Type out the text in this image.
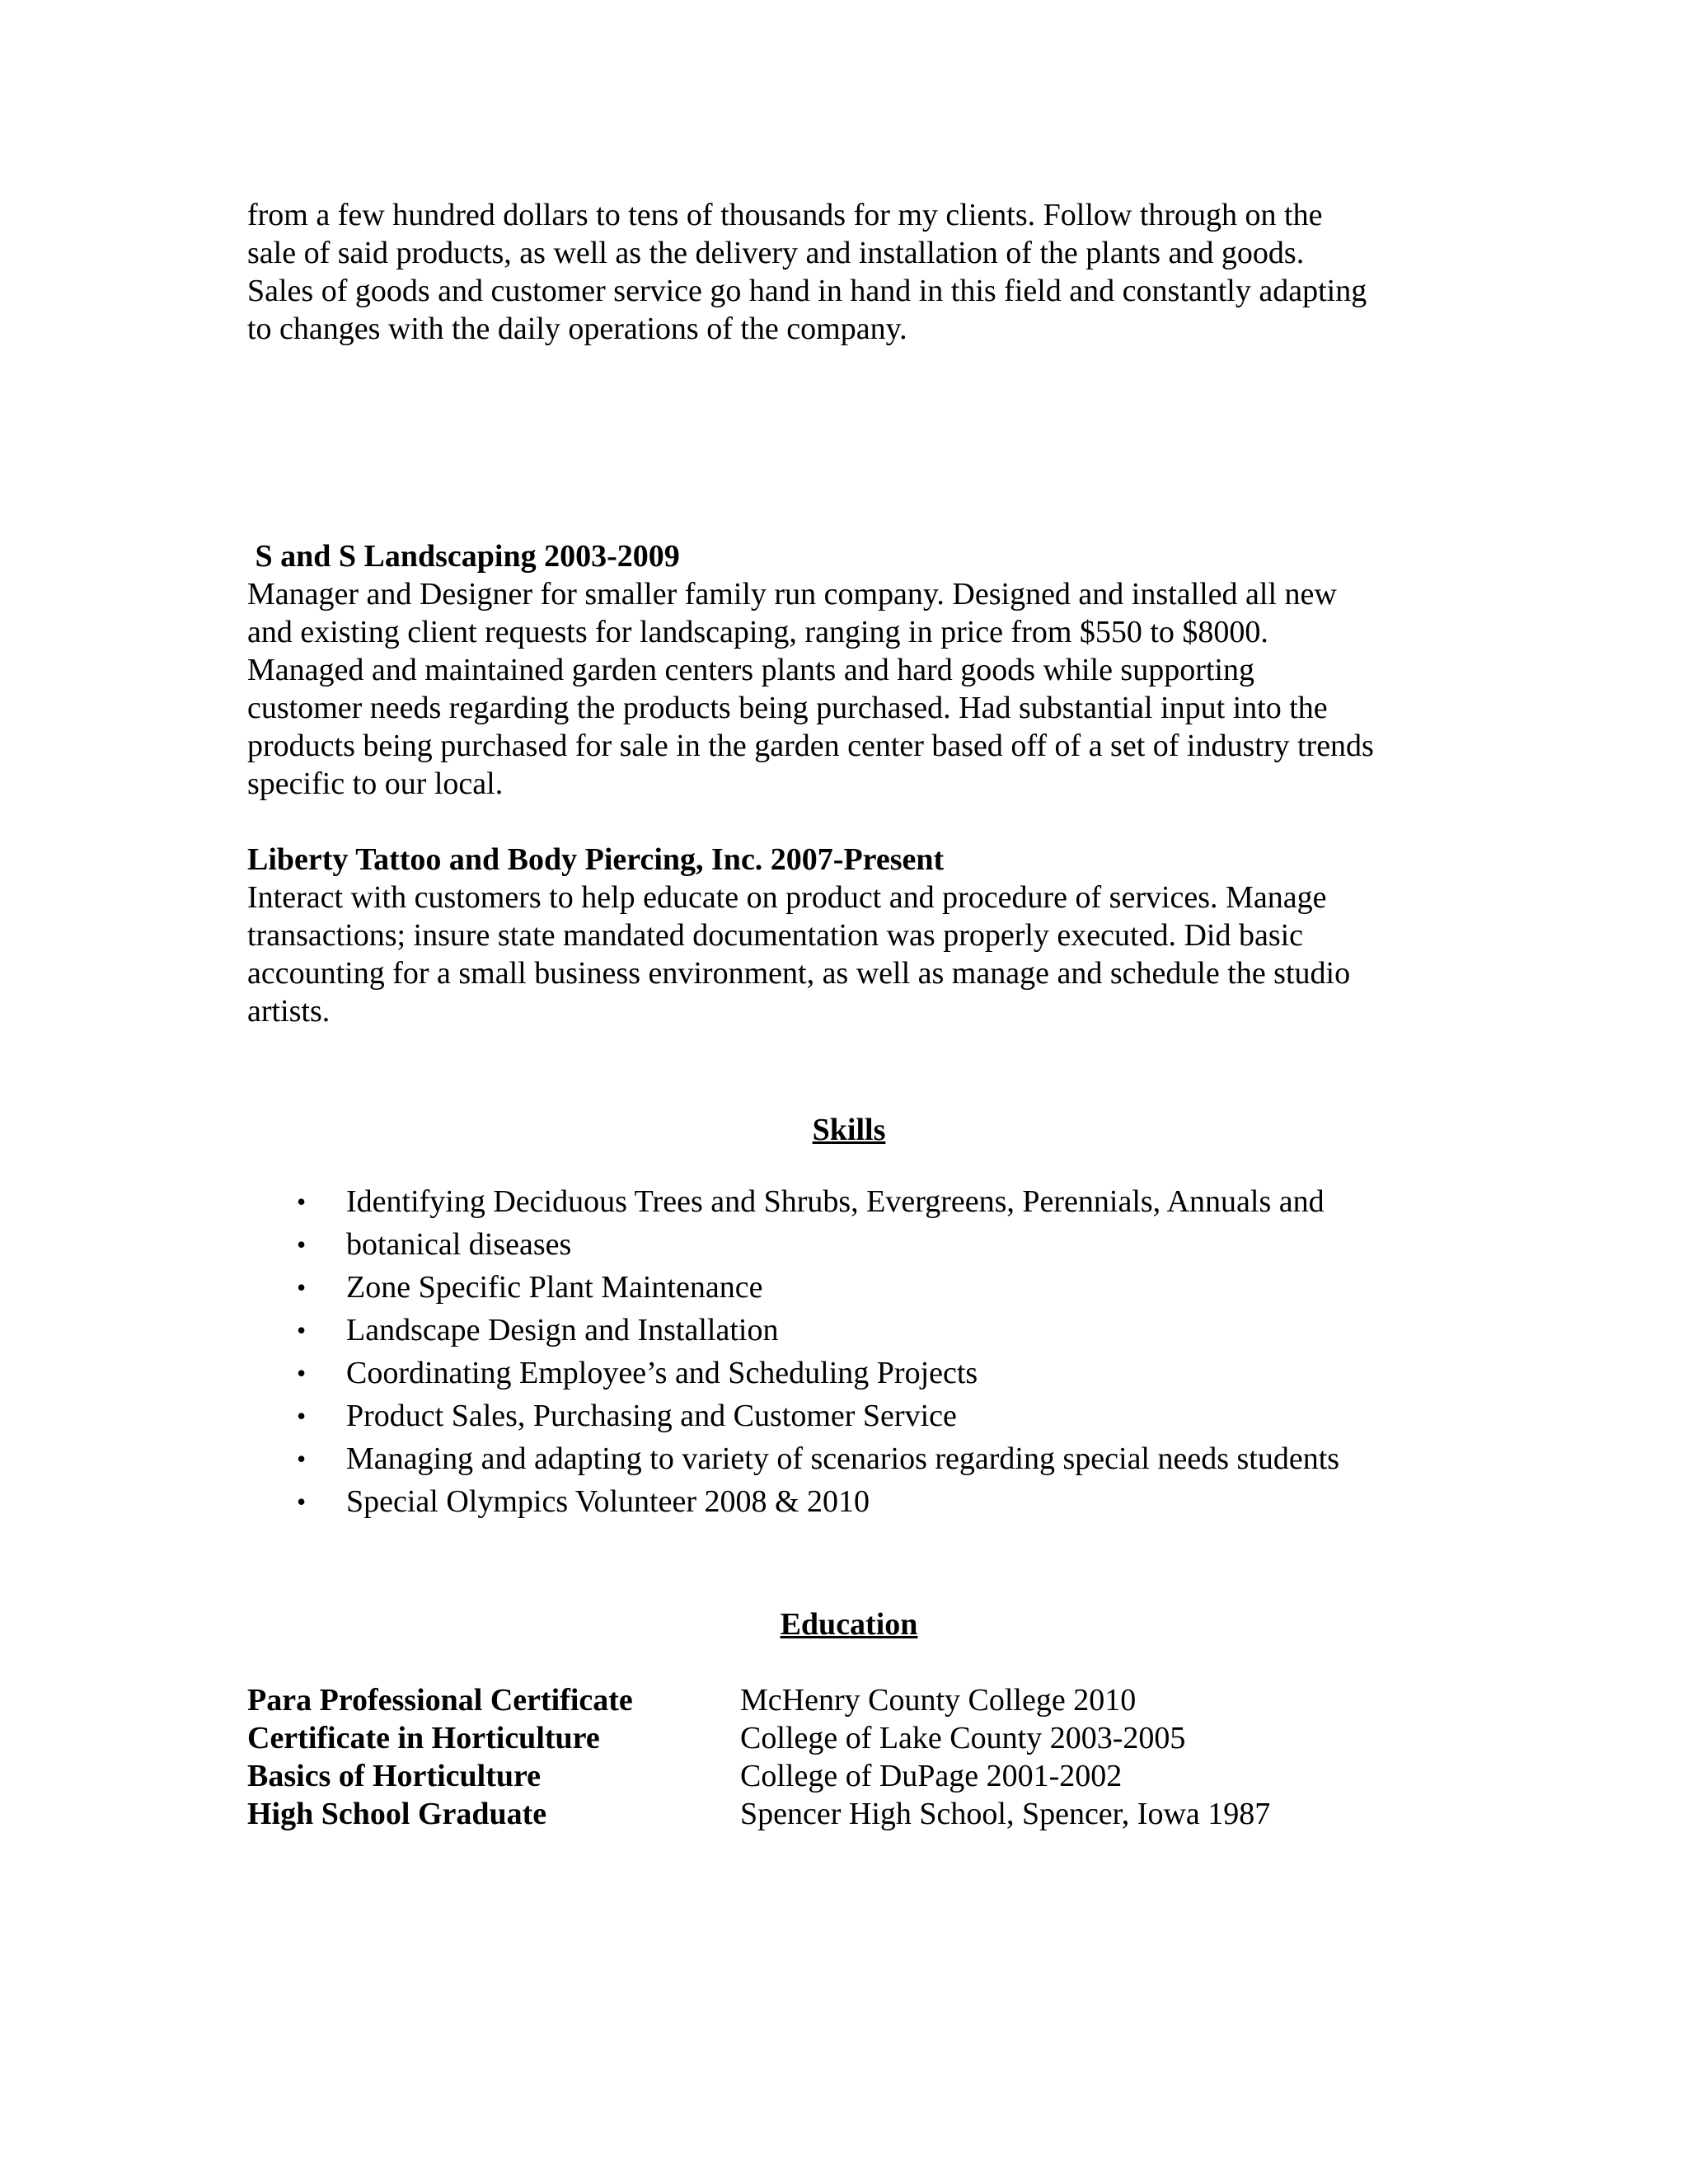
from a few hundred dollars to tens of thousands for my clients. Follow through on the

sale of said products, as well as the delivery and installation of the plants and goods.

Sales of goods and customer service go hand in hand in this field and constantly adapting

to changes with the daily operations of the company.

S and S Landscaping 2003-2009

Manager and Designer for smaller family run company. Designed and installed all new

and existing client requests for landscaping, ranging in price from $550 to $8000.

Managed and maintained garden centers plants and hard goods while supporting

customer needs regarding the products being purchased. Had substantial input into the

products being purchased for sale in the garden center based off of a set of industry trends

specific to our local.

Liberty Tattoo and Body Piercing, Inc. 2007-Present

Interact with customers to help educate on product and procedure of services. Manage

transactions; insure state mandated documentation was properly executed. Did basic

accounting for a small business environment, as well as manage and schedule the studio

artists.

Skills
• Identifying Deciduous Trees and Shrubs, Evergreens, Perennials, Annuals and
• botanical diseases
• Zone Specific Plant Maintenance
• Landscape Design and Installation
• Coordinating Employee’s and Scheduling Projects
• Product Sales, Purchasing and Customer Service
• Managing and adapting to variety of scenarios regarding special needs students
• Special Olympics Volunteer 2008 & 2010
Education
Para Professional Certificate	McHenry County College 2010
Certificate in Horticulture	College of Lake County 2003-2005
Basics of Horticulture	College of DuPage 2001-2002
High School Graduate	Spencer High School, Spencer, Iowa 1987
